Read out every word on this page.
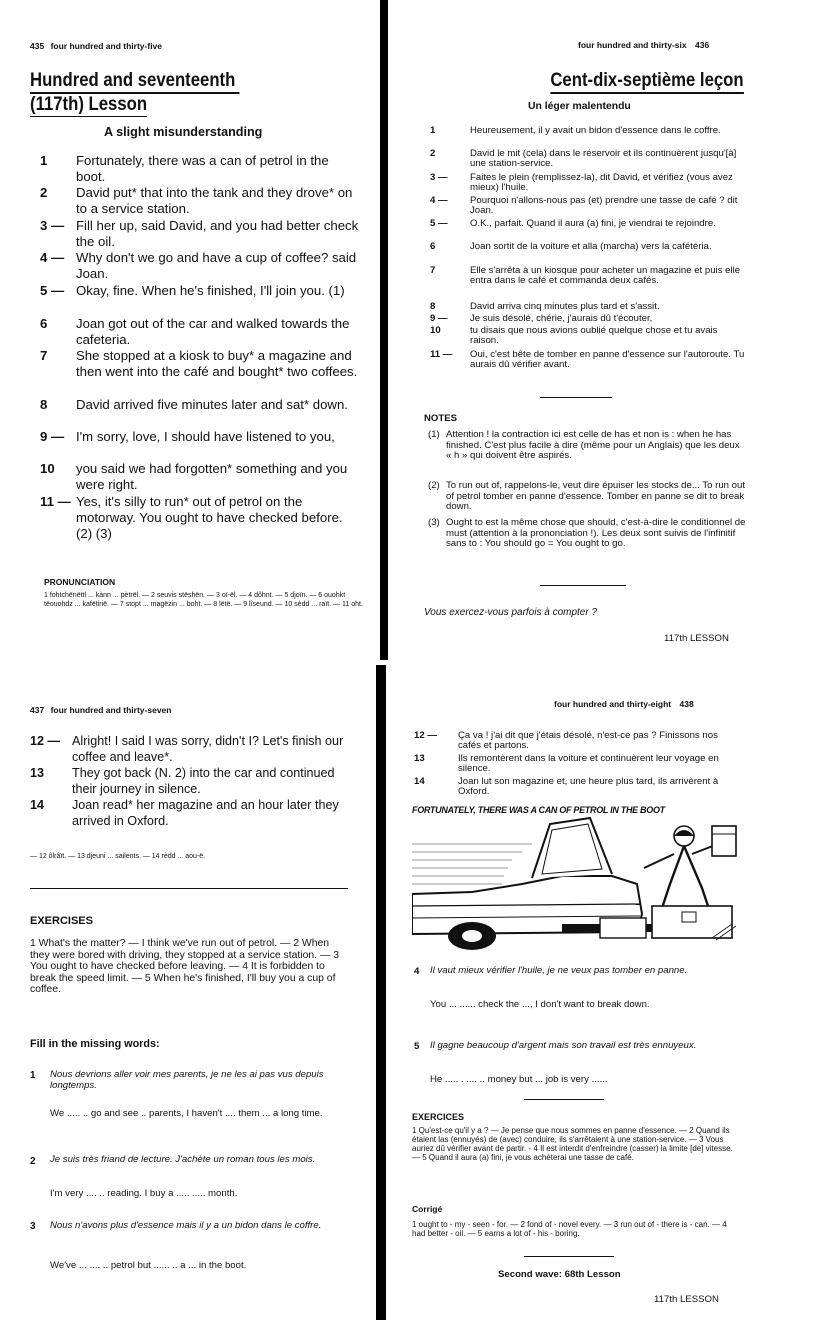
435 four hundred and thirty-five
Hundred and seventeenth
(117th) Lesson
A slight misunderstanding
1	Fortunately, there was a can of petrol in the boot.
2	David put* that into the tank and they drove* on to a service station.
3 — Fill her up, said David, and you had better check the oil.
4 — Why don't we go and have a cup of coffee? said Joan.
5 — Okay, fine. When he's finished, I'll join you. (1)
6	Joan got out of the car and walked towards the cafeteria.
7	She stopped at a kiosk to buy* a magazine and then went into the café and bought* two coffees.
8	David arrived five minutes later and sat* down.
9 — I'm sorry, love, I should have listened to you,
10	you said we had forgotten* something and you were right.
11 — Yes, it's silly to run* out of petrol on the motorway. You ought to have checked before. (2) (3)
PRONUNCIATION
1 fohtchënëttl ... kànn ... pètrël. — 2 seuvis stëshën. — 3 oï-ël. — 4 dôhnt. — 5 djoïn. — 6 ouohkt tëouohdz ... kafëtirië. — 7 stopt ... magëzin ... boht. — 8 lëtë. — 9 lîseund. — 10 sèdd ... raït. — 11 oht.
four hundred and thirty-six 436
Cent-dix-septième leçon
Un léger malentendu
1	Heureusement, il y avait un bidon d'essence dans le coffre.
2	David le mit (cela) dans le réservoir et ils continuèrent jusqu'[à] une station-service.
3 —	Faites le plein (remplissez-la), dit David, et vérifiez (vous avez mieux) l'huile.
4 —	Pourquoi n'allons-nous pas (et) prendre une tasse de café ? dit Joan.
5 —	O.K., parfait. Quand il aura (a) fini, je viendrai te rejoindre.
6	Joan sortit de la voiture et alla (marcha) vers la cafétéria.
7	Elle s'arrêta à un kiosque pour acheter un magazine et puis elle entra dans le café et commanda deux cafés.
8	David arriva cinq minutes plus tard et s'assit.
9 —	Je suis désolé, chérie, j'aurais dû t'écouter,
10	tu disais que nous avions oublié quelque chose et tu avais raison.
11 —	Oui, c'est bête de tomber en panne d'essence sur l'autoroute. Tu aurais dû vérifier avant.
NOTES
(1) Attention ! la contraction ici est celle de has et non is : when he has finished. C'est plus facile à dire (même pour un Anglais) que les deux « h » qui doivent être aspirés.
(2) To run out of, rappelons-le, veut dire épuiser les stocks de... To run out of petrol tomber en panne d'essence. Tomber en panne se dit to break down.
(3) Ought to est la même chose que should, c'est-à-dire le conditionnel de must (attention à la prononciation !). Les deux sont suivis de l'infinitif sans to : You should go = You ought to go.
Vous exercez-vous parfois à compter ?
117th LESSON
437 four hundred and thirty-seven
12 — Alright! I said I was sorry, didn't I? Let's finish our coffee and leave*.
13	They got back (N. 2) into the car and continued their journey in silence.
14	Joan read* her magazine and an hour later they arrived in Oxford.
— 12 ôlrâït. — 13 djeuni ... sailents. — 14 rèdd ... aou-ë.
EXERCISES
1 What's the matter? — I think we've run out of petrol. — 2 When they were bored with driving, they stopped at a service station. — 3 You ought to have checked before leaving. — 4 It is forbidden to break the speed limit. — 5 When he's finished, I'll buy you a cup of coffee.
Fill in the missing words:
1 Nous devrions aller voir mes parents, je ne les ai pas vus depuis longtemps.
We ..... .. go and see .. parents, I haven't .... them ... a long time.
2 Je suis très friand de lecture. J'achète un roman tous les mois.
I'm very .... .. reading. I buy a ..... ..... month.
3 Nous n'avons plus d'essence mais il y a un bidon dans le coffre.
We've ... .... .. petrol but ...... .. a ... in the boot.
four hundred and thirty-eight 438
12 —	Ça va ! j'ai dit que j'étais désolé, n'est-ce pas ? Finissons nos cafés et partons.
13	Ils remontèrent dans la voiture et continuèrent leur voyage en silence.
14	Joan lut son magazine et, une heure plus tard, ils arrivèrent à Oxford.
FORTUNATELY, THERE WAS A CAN OF PETROL IN THE BOOT
4 Il vaut mieux vérifier l'huile, je ne veux pas tomber en panne.
You ... ...... check the ..., I don't want to break down.
5 Il gagne beaucoup d'argent mais son travail est très ennuyeux.
He ..... . .... .. money but ... job is very ......
EXERCICES
1 Qu'est-ce qu'il y a ? — Je pense que nous sommes en panne d'essence. — 2 Quand ils étaient las (ennuyés) de (avec) conduire, ils s'arrêtaient à une station-service. — 3 Vous auriez dû vérifier avant de partir. - 4 Il est interdit d'enfreindre (casser) la limite [de] vitesse. — 5 Quand il aura (a) fini, je vous achèterai une tasse de café.
Corrigé
1 ought to - my - seen - for. — 2 fond of - novel every. — 3 run out of - there is - can. — 4 had better - oil. — 5 earns a lot of - his - boring.
Second wave: 68th Lesson
117th LESSON
